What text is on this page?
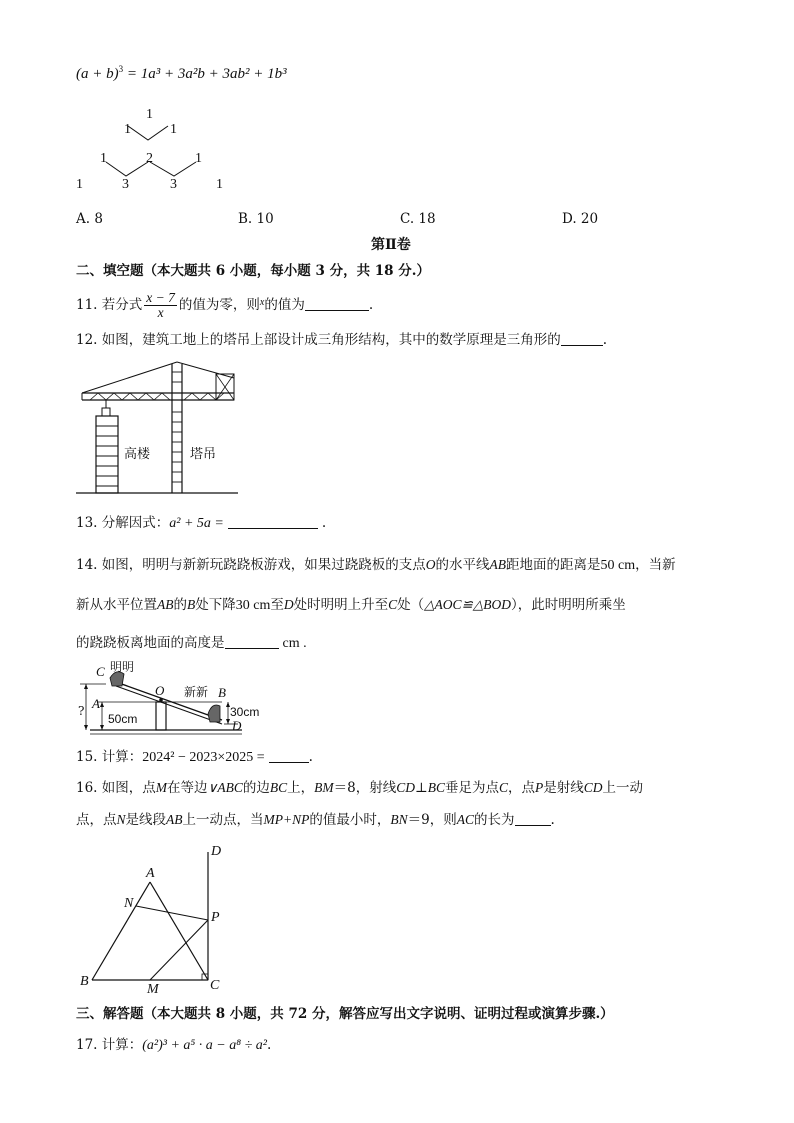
$(a + b)^3 = 1a^3 + 3a^2b + 3ab^2 + 1b^3$
1
1	1
1	2	1
1	3	3	1
A. 8	B. 10	C. 18	D. 20
第Ⅱ卷
二、填空题（本大题共 6 小题，每小题 3 分，共 18 分.）
11. 若分式 $\frac{x - 7}{x}$ 的值为零，则$^x$的值为	.
12. 如图，建筑工地上的塔吊上部设计成三角形结构，其中的数学原理是三角形的	.
高楼	塔吊
13. 分解因式：a² + 5a =	.
14. 如图，明明与新新玩跷跷板游戏，如果过跷跷板的支点O的水平线AB距地面的距离是50 cm，当新
新从水平位置AB的B处下降30 cm至D处时明明上升至C处（△AOC≌△BOD），此时明明所乘坐
的跷跷板离地面的高度是	cm .
C 明明
O 新新 B
A
?
50cm	30cm
D
15. 计算：2024² − 2023×2025 =	.
16. 如图，点M在等边∨ABC的边BC上，BM＝8，射线CD⊥BC垂足为点C，点P是射线CD上一动
点，点N是线段AB上一动点，当MP+NP的值最小时，BN＝9，则AC的长为	.
D
A
N
P
B
M	C
三、解答题（本大题共 8 小题，共 72 分，解答应写出文字说明、证明过程或演算步骤.）
17. 计算：(a²)³ + a⁵ · a − a⁸ ÷ a².
